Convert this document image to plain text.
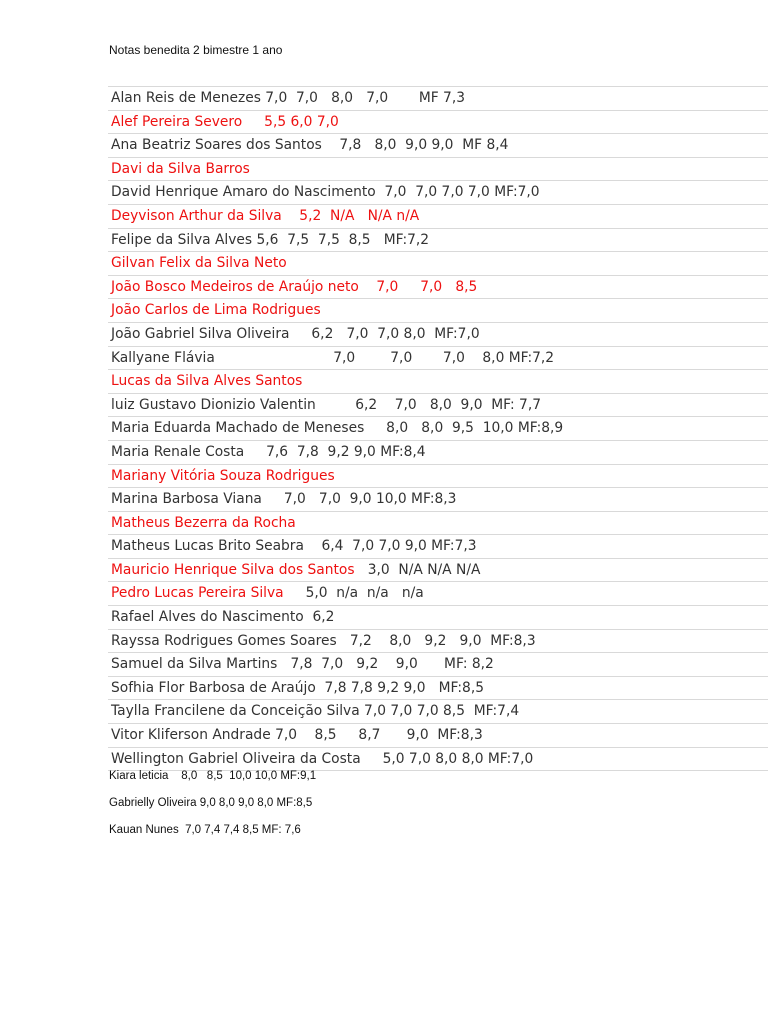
Notas benedita 2 bimestre 1 ano
Alan Reis de Menezes 7,0  7,0   8,0   7,0       MF 7,3
Alef Pereira Severo     5,5 6,0 7,0
Ana Beatriz Soares dos Santos    7,8   8,0  9,0 9,0  MF 8,4
Davi da Silva Barros
David Henrique Amaro do Nascimento  7,0  7,0 7,0 7,0 MF:7,0
Deyvison Arthur da Silva    5,2  N/A   N/A n/A
Felipe da Silva Alves 5,6  7,5  7,5  8,5   MF:7,2
Gilvan Felix da Silva Neto
João Bosco Medeiros de Araújo neto    7,0     7,0   8,5
João Carlos de Lima Rodrigues
João Gabriel Silva Oliveira     6,2   7,0  7,0 8,0  MF:7,0
Kallyane Flávia                           7,0        7,0       7,0    8,0 MF:7,2
Lucas da Silva Alves Santos
luiz Gustavo Dionizio Valentin         6,2    7,0   8,0  9,0  MF: 7,7
Maria Eduarda Machado de Meneses     8,0   8,0  9,5  10,0 MF:8,9
Maria Renale Costa     7,6  7,8  9,2 9,0 MF:8,4
Mariany Vitória Souza Rodrigues
Marina Barbosa Viana     7,0   7,0  9,0 10,0 MF:8,3
Matheus Bezerra da Rocha
Matheus Lucas Brito Seabra    6,4  7,0 7,0 9,0 MF:7,3
Mauricio Henrique Silva dos Santos   3,0  N/A N/A N/A
Pedro Lucas Pereira Silva     5,0  n/a  n/a   n/a
Rafael Alves do Nascimento  6,2
Rayssa Rodrigues Gomes Soares   7,2    8,0   9,2   9,0  MF:8,3
Samuel da Silva Martins   7,8  7,0   9,2    9,0      MF: 8,2
Sofhia Flor Barbosa de Araújo  7,8 7,8 9,2 9,0   MF:8,5
Taylla Francilene da Conceição Silva 7,0 7,0 7,0 8,5  MF:7,4
Vitor Kliferson Andrade 7,0    8,5     8,7      9,0  MF:8,3
Wellington Gabriel Oliveira da Costa     5,0 7,0 8,0 8,0 MF:7,0
Kiara leticia    8,0   8,5  10,0 10,0 MF:9,1
Gabrielly Oliveira 9,0 8,0 9,0 8,0 MF:8,5
Kauan Nunes  7,0 7,4 7,4 8,5 MF: 7,6
